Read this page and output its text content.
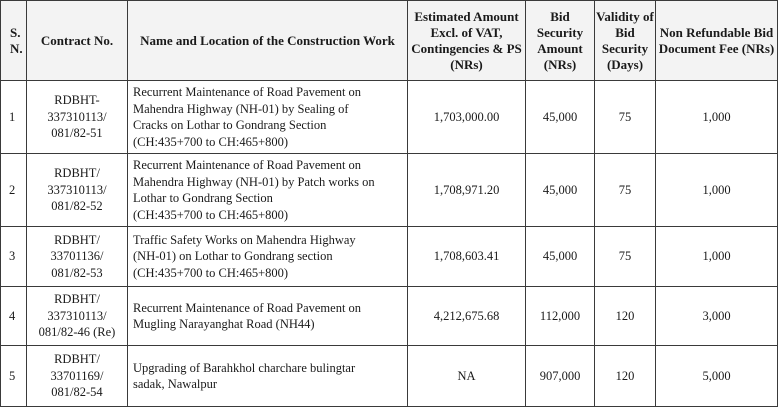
S. N.	Contract No.	Name and Location of the Construction Work	Estimated Amount Excl. of VAT, Contingencies & PS (NRs)	Bid Security Amount (NRs)	Validity of Bid Security (Days)	Non Refundable Bid Document Fee (NRs)
1	RDBHT-
337310113/
081/82-51	Recurrent Maintenance of Road Pavement on
Mahendra Highway (NH-01) by Sealing of
Cracks on Lothar to Gondrang Section
(CH:435+700 to CH:465+800)	1,703,000.00	45,000	75	1,000
2	RDBHT/
337310113/
081/82-52	Recurrent Maintenance of Road Pavement on
Mahendra Highway (NH-01) by Patch works on
Lothar to Gondrang Section
(CH:435+700 to CH:465+800)	1,708,971.20	45,000	75	1,000
3	RDBHT/
33701136/
081/82-53	Traffic Safety Works on Mahendra Highway
(NH-01) on Lothar to Gondrang section
(CH:435+700 to CH:465+800)	1,708,603.41	45,000	75	1,000
4	RDBHT/
337310113/
081/82-46 (Re)	Recurrent Maintenance of Road Pavement on
Mugling Narayanghat Road (NH44)	4,212,675.68	112,000	120	3,000
5	RDBHT/
33701169/
081/82-54	Upgrading of Barahkhol charchare bulingtar
sadak, Nawalpur	NA	907,000	120	5,000
